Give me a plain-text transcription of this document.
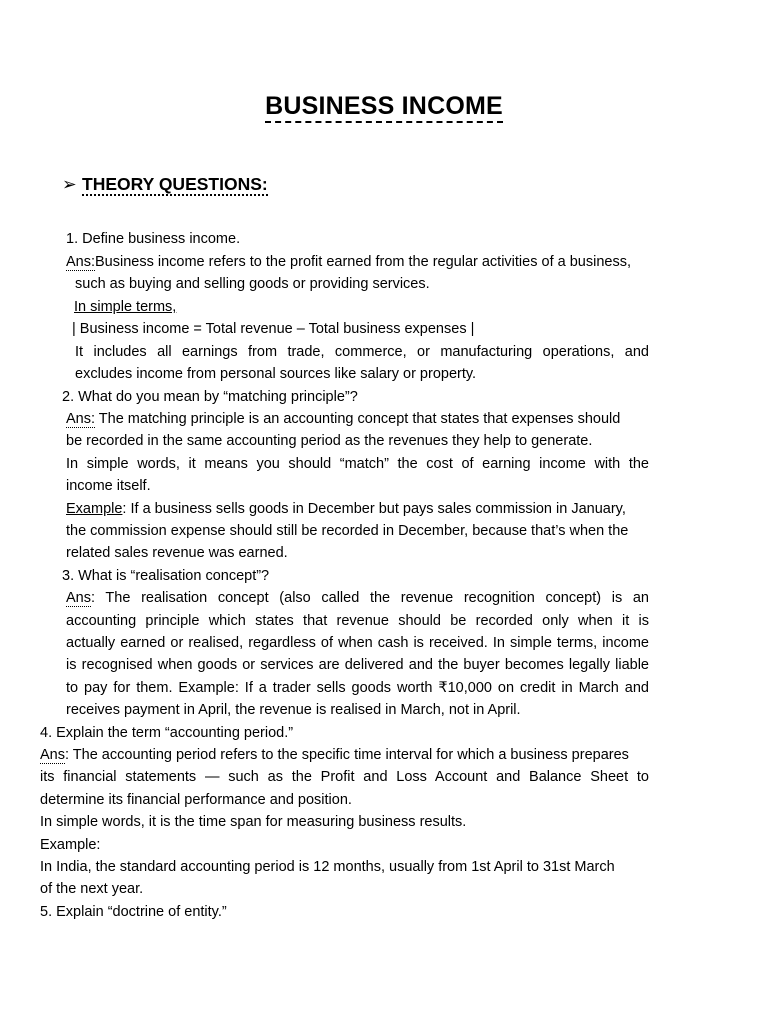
BUSINESS INCOME
➢ THEORY QUESTIONS:
1. Define business income.
Ans:Business income refers to the profit earned from the regular activities of a business,
such as buying and selling goods or providing services.
In simple terms,
| Business income = Total revenue – Total business expenses |
It includes all earnings from trade, commerce, or manufacturing operations, and
excludes income from personal sources like salary or property.
2. What do you mean by “matching principle”?
Ans: The matching principle is an accounting concept that states that expenses should
be recorded in the same accounting period as the revenues they help to generate.
In simple words, it means you should “match” the cost of earning income with the
income itself.
Example: If a business sells goods in December but pays sales commission in January,
the commission expense should still be recorded in December, because that’s when the
related sales revenue was earned.
3. What is “realisation concept”?
Ans: The realisation concept (also called the revenue recognition concept) is an
accounting principle which states that revenue should be recorded only when it is
actually earned or realised, regardless of when cash is received. In simple terms, income
is recognised when goods or services are delivered and the buyer becomes legally liable
to pay for them. Example: If a trader sells goods worth ₹10,000 on credit in March and
receives payment in April, the revenue is realised in March, not in April.
4. Explain the term “accounting period.”
Ans: The accounting period refers to the specific time interval for which a business prepares
its financial statements — such as the Profit and Loss Account and Balance Sheet to
determine its financial performance and position.
In simple words, it is the time span for measuring business results.
Example:
In India, the standard accounting period is 12 months, usually from 1st April to 31st March
of the next year.
5. Explain “doctrine of entity.”
